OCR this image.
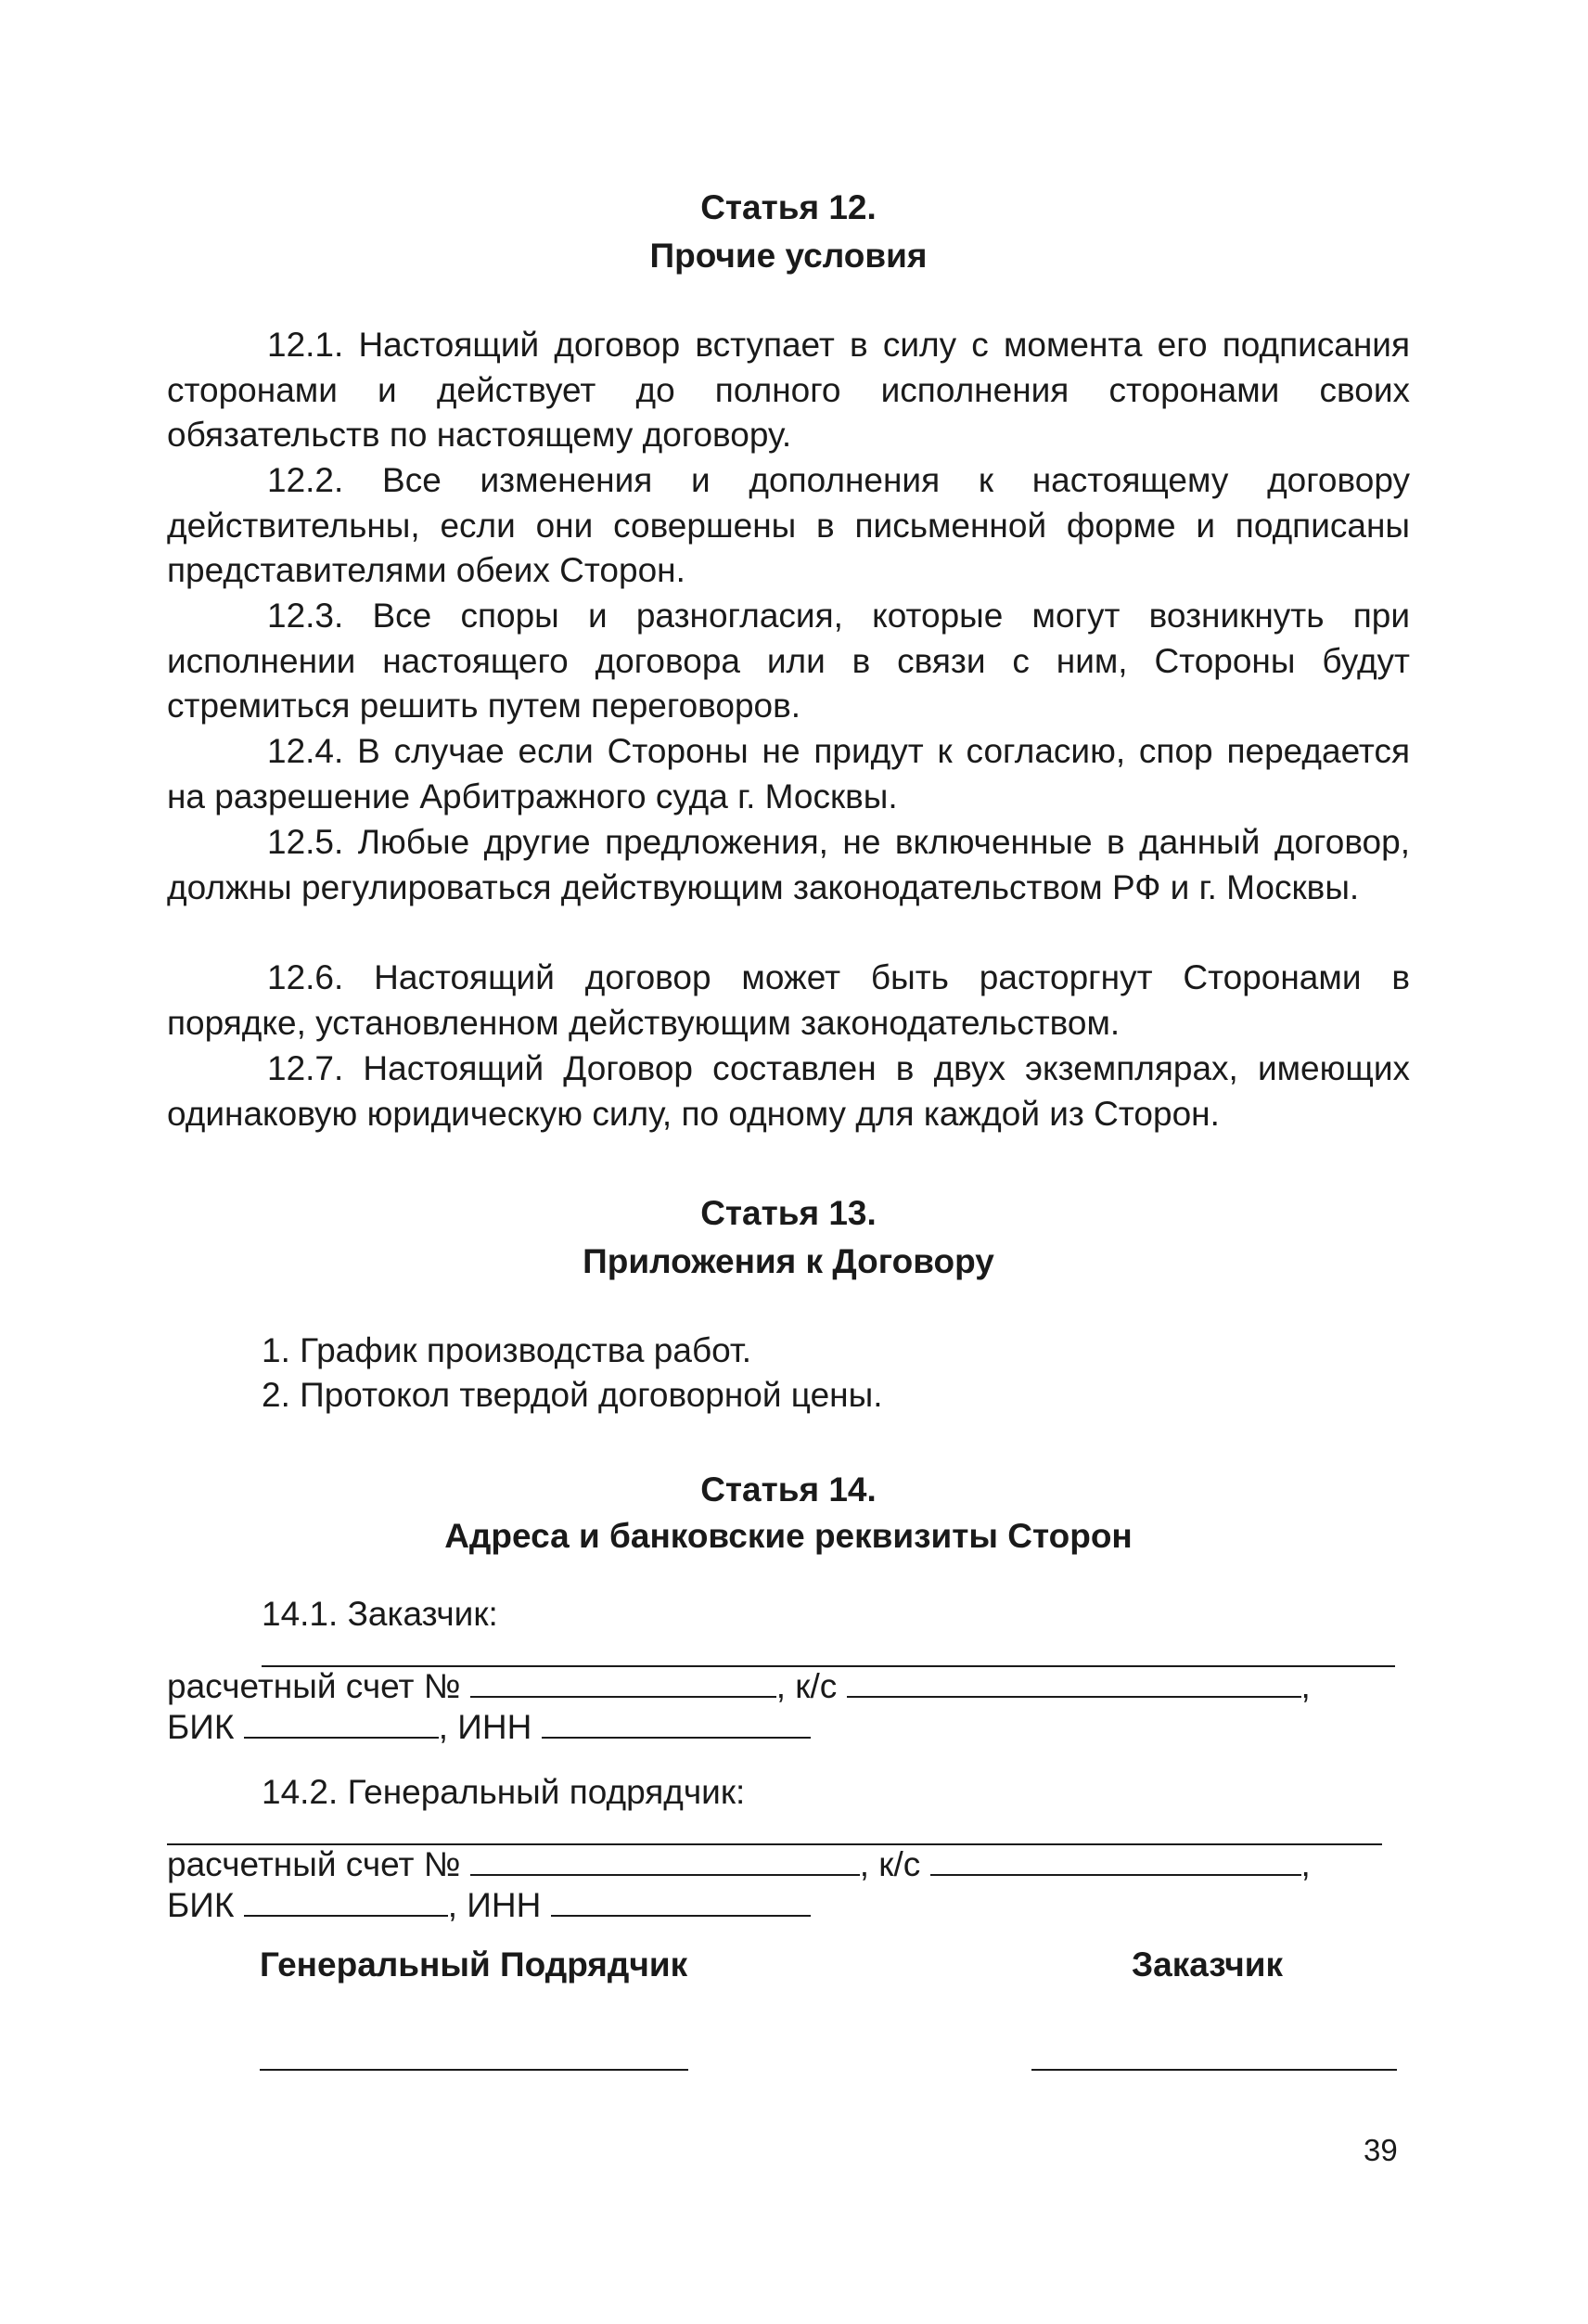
Статья 12.
Прочие условия

12.1. Настоящий договор вступает в силу с момента его подписания сторонами и действует до полного исполнения сторонами своих обязательств по настоящему договору.

12.2. Все изменения и дополнения к настоящему договору действительны, если они совершены в письменной форме и подписаны представителями обеих Сторон.

12.3. Все споры и разногласия, которые могут возникнуть при исполнении настоящего договора или в связи с ним, Стороны будут стремиться решить путем переговоров.

12.4. В случае если Стороны не придут к согласию, спор передается на разрешение Арбитражного суда г. Москвы.

12.5. Любые другие предложения, не включенные в данный договор, должны регулироваться действующим законодательством РФ и г. Москвы.

12.6. Настоящий договор может быть расторгнут Сторонами в порядке, установленном действующим законодательством.

12.7. Настоящий Договор составлен в двух экземплярах, имеющих одинаковую юридическую силу, по одному для каждой из Сторон.

Статья 13.
Приложения к Договору
1. График производства работ.
2. Протокол твердой договорной цены.
Статья 14.
Адреса и банковские реквизиты Сторон
14.1. Заказчик:
расчетный счет №	, к/с	,
БИК	, ИНН
14.2. Генеральный подрядчик:
расчетный счет №	, к/с	,
БИК	, ИНН
Генеральный Подрядчик	Заказчик
39
